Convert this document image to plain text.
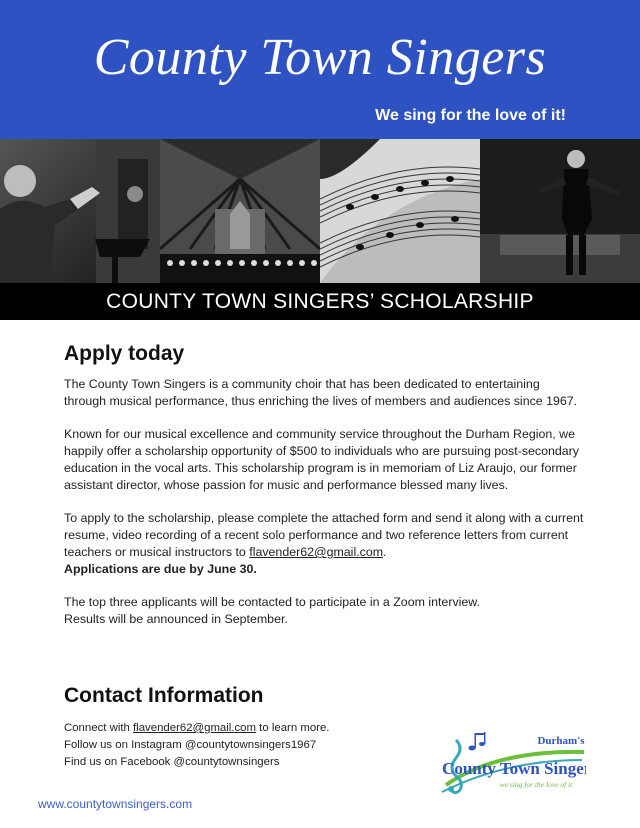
County Town Singers
We sing for the love of it!
COUNTY TOWN SINGERS’ SCHOLARSHIP
Apply today

The County Town Singers is a community choir that has been dedicated to entertaining through musical performance, thus enriching the lives of members and audiences since 1967.

Known for our musical excellence and community service throughout the Durham Region, we happily offer a scholarship opportunity of $500 to individuals who are pursuing post-secondary education in the vocal arts. This scholarship program is in memoriam of Liz Araujo, our former assistant director, whose passion for music and performance blessed many lives.

To apply to the scholarship, please complete the attached form and send it along with a current resume, video recording of a recent solo performance and two reference letters from current teachers or musical instructors to flavender62@gmail.com.
Applications are due by June 30.

The top three applicants will be contacted to participate in a Zoom interview.
Results will be announced in September.

Contact Information
Connect with flavender62@gmail.com to learn more.
Follow us on Instagram @countytownsingers1967
Find us on Facebook @countytownsingers
Durham's
County Town Singers
we sing for the love of it
www.countytownsingers.com
